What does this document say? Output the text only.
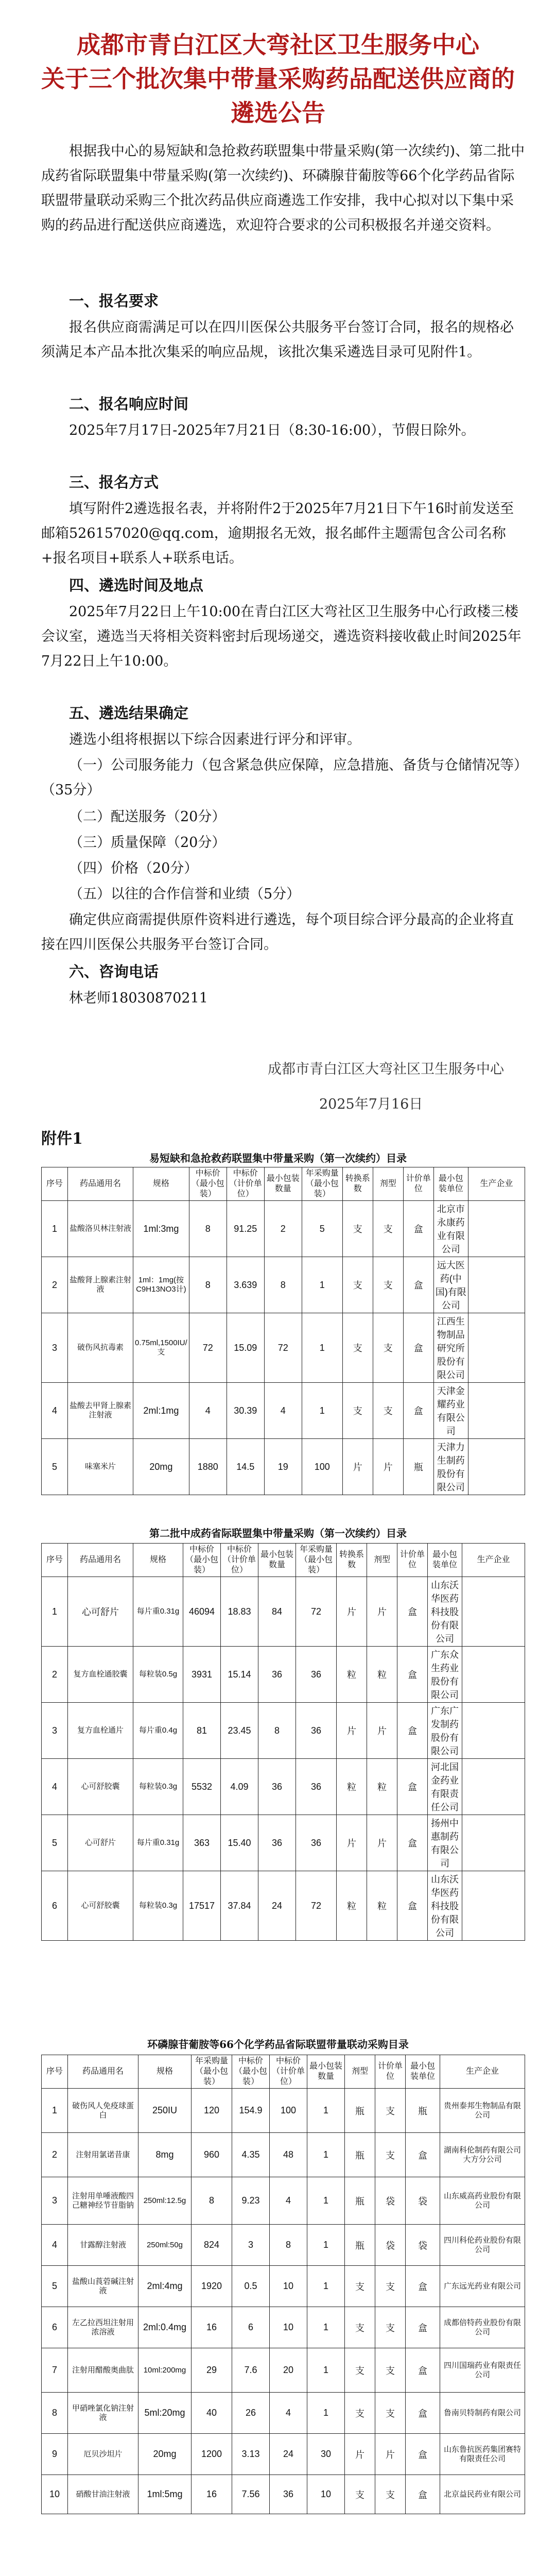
成都市青白江区大弯社区卫生服务中心
关于三个批次集中带量采购药品配送供应商的
遴选公告
根据我中心的易短缺和急抢救药联盟集中带量采购(第一次续约)、第二批中成药省际联盟集中带量采购(第一次续约)、环磷腺苷葡胺等66个化学药品省际联盟带量联动采购三个批次药品供应商遴选工作安排，我中心拟对以下集中采购的药品进行配送供应商遴选，欢迎符合要求的公司积极报名并递交资料。
一、报名要求
报名供应商需满足可以在四川医保公共服务平台签订合同，报名的规格必须满足本产品本批次集采的响应品规，该批次集采遴选目录可见附件1。
二、报名响应时间
2025年7月17日-2025年7月21日（8:30-16:00），节假日除外。
三、报名方式
填写附件2遴选报名表，并将附件2于2025年7月21日下午16时前发送至邮箱526157020@qq.com，逾期报名无效，报名邮件主题需包含公司名称+报名项目+联系人+联系电话。
四、遴选时间及地点
2025年7月22日上午10:00在青白江区大弯社区卫生服务中心行政楼三楼会议室，遴选当天将相关资料密封后现场递交，遴选资料接收截止时间2025年7月22日上午10:00。
五、遴选结果确定
遴选小组将根据以下综合因素进行评分和评审。
（一）公司服务能力（包含紧急供应保障，应急措施、备货与仓储情况等）（35分）
（二）配送服务（20分）
（三）质量保障（20分）
（四）价格（20分）
（五）以往的合作信誉和业绩（5分）
确定供应商需提供原件资料进行遴选，每个项目综合评分最高的企业将直接在四川医保公共服务平台签订合同。
六、咨询电话
林老师18030870211
成都市青白江区大弯社区卫生服务中心
2025年7月16日
附件1
易短缺和急抢救药联盟集中带量采购（第一次续约）目录
序号	药品通用名	规格	中标价（最小包装）	中标价（计价单位）	最小包装数量	年采购量（最小包装）	转换系数	剂型	计价单位	最小包装单位	生产企业
1	盐酸洛贝林注射液	1ml:3mg	8	91.25	2	5	支	支	盒	北京市永康药业有限公司	
2	盐酸肾上腺素注射液	1ml：1mg(按C9H13NO3计)	8	3.639	8	1	支	支	盒	远大医药(中国)有限公司	
3	破伤风抗毒素	0.75ml,1500IU/支	72	15.09	72	1	支	支	盒	江西生物制品研究所股份有限公司	
4	盐酸去甲肾上腺素注射液	2ml:1mg	4	30.39	4	1	支	支	盒	天津金耀药业有限公司	
5	味塞米片	20mg	1880	14.5	19	100	片	片	瓶	天津力生制药股份有限公司	
第二批中成药省际联盟集中带量采购（第一次续约）目录
序号	药品通用名	规格	中标价（最小包装）	中标价（计价单位）	最小包装数量	年采购量（最小包装）	转换系数	剂型	计价单位	最小包装单位	生产企业
1	心可舒片	每片重0.31g	46094	18.83	84	72	片	片	盒	山东沃华医药科技股份有限公司	
2	复方血栓通胶囊	每粒装0.5g	3931	15.14	36	36	粒	粒	盒	广东众生药业股份有限公司	
3	复方血栓通片	每片重0.4g	81	23.45	8	36	片	片	盒	广东广发制药股份有限公司	
4	心可舒胶囊	每粒装0.3g	5532	4.09	36	36	粒	粒	盒	河北国金药业有限责任公司	
5	心可舒片	每片重0.31g	363	15.40	36	36	片	片	盒	扬州中惠制药有限公司	
6	心可舒胶囊	每粒装0.3g	17517	37.84	24	72	粒	粒	盒	山东沃华医药科技股份有限公司	
环磷腺苷葡胺等66个化学药品省际联盟带量联动采购目录
序号	药品通用名	规格	年采购量（最小包装）	中标价（最小包装）	中标价（计价单位）	最小包装数量	剂型	计价单位	最小包装单位	生产企业
1	破伤风人免疫球蛋白	250IU	120	154.9	100	1	瓶	支	瓶	贵州泰邦生物制品有限公司
2	注射用氯诺昔康	8mg	960	4.35	48	1	瓶	支	盒	湖南科伦制药有限公司大方分公司
3	注射用单唾液酸四己糖神经节苷脂钠	250ml:12.5g	8	9.23	4	1	瓶	袋	袋	山东威高药业股份有限公司
4	甘露醇注射液	250ml:50g	824	3	8	1	瓶	袋	袋	四川科伦药业股份有限公司
5	盐酸山莨菪碱注射液	2ml:4mg	1920	0.5	10	1	支	支	盒	广东远光药业有限公司
6	左乙拉西坦注射用浓溶液	2ml:0.4mg	16	6	10	1	支	支	盒	成都倍特药业股份有限公司
7	注射用醋酸奥曲肽	10ml:200mg	29	7.6	20	1	支	支	盒	四川国瑞药业有限责任公司
8	甲硝唑氯化钠注射液	5ml:20mg	40	26	4	1	支	支	盒	鲁南贝特制药有限公司
9	厄贝沙坦片	20mg	1200	3.13	24	30	片	片	盒	山东鲁抗医药集团赛特有限责任公司
10	硝酸甘油注射液	1ml:5mg	16	7.56	36	10	支	支	盒	北京益民药业有限公司
